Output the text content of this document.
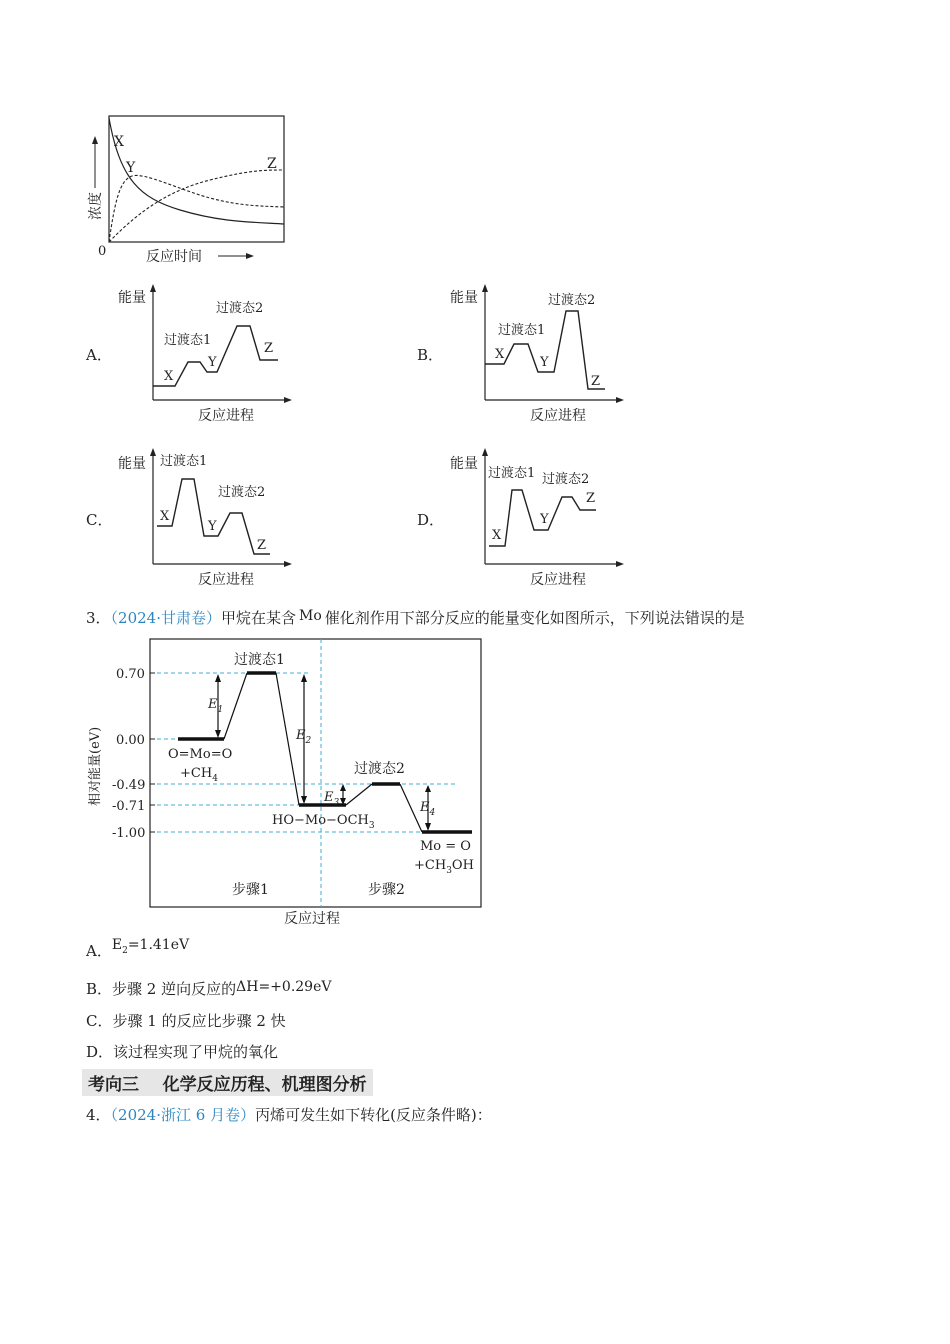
X
Y	Z
0
浓度
反应时间
A．
能量
X
Y
Z
过渡态1
过渡态2
反应进程
B．
能量
X
Y
Z
过渡态1
过渡态2
反应进程
C．
能量
X
Y
Z
过渡态1
过渡态2
反应进程
D．
能量
X
Y
Z
过渡态1 过渡态2
反应进程
3．（2024·甘肃卷）甲烷在某含 Mo 催化剂作用下部分反应的能量变化如图所示，下列说法错误的是
0.70
0.00
-0.49
-0.71
-1.00
相对能量(eV)
$E_1$
$E_2$
$E_3$	$E_4$
过渡态1
过渡态2
O=Mo=O
$+CH_4$
$HO-Mo-OCH_3$
Mo = O
$+CH_3OH$
步骤1	步骤2
反应过程
A．$E_2=1.41eV$
B．步骤 2 逆向反应的ΔH=+0.29eV
C．步骤 1 的反应比步骤 2 快
D．该过程实现了甲烷的氧化
考向三    化学反应历程、机理图分析
4．（2024·浙江 6 月卷）丙烯可发生如下转化(反应条件略)：
